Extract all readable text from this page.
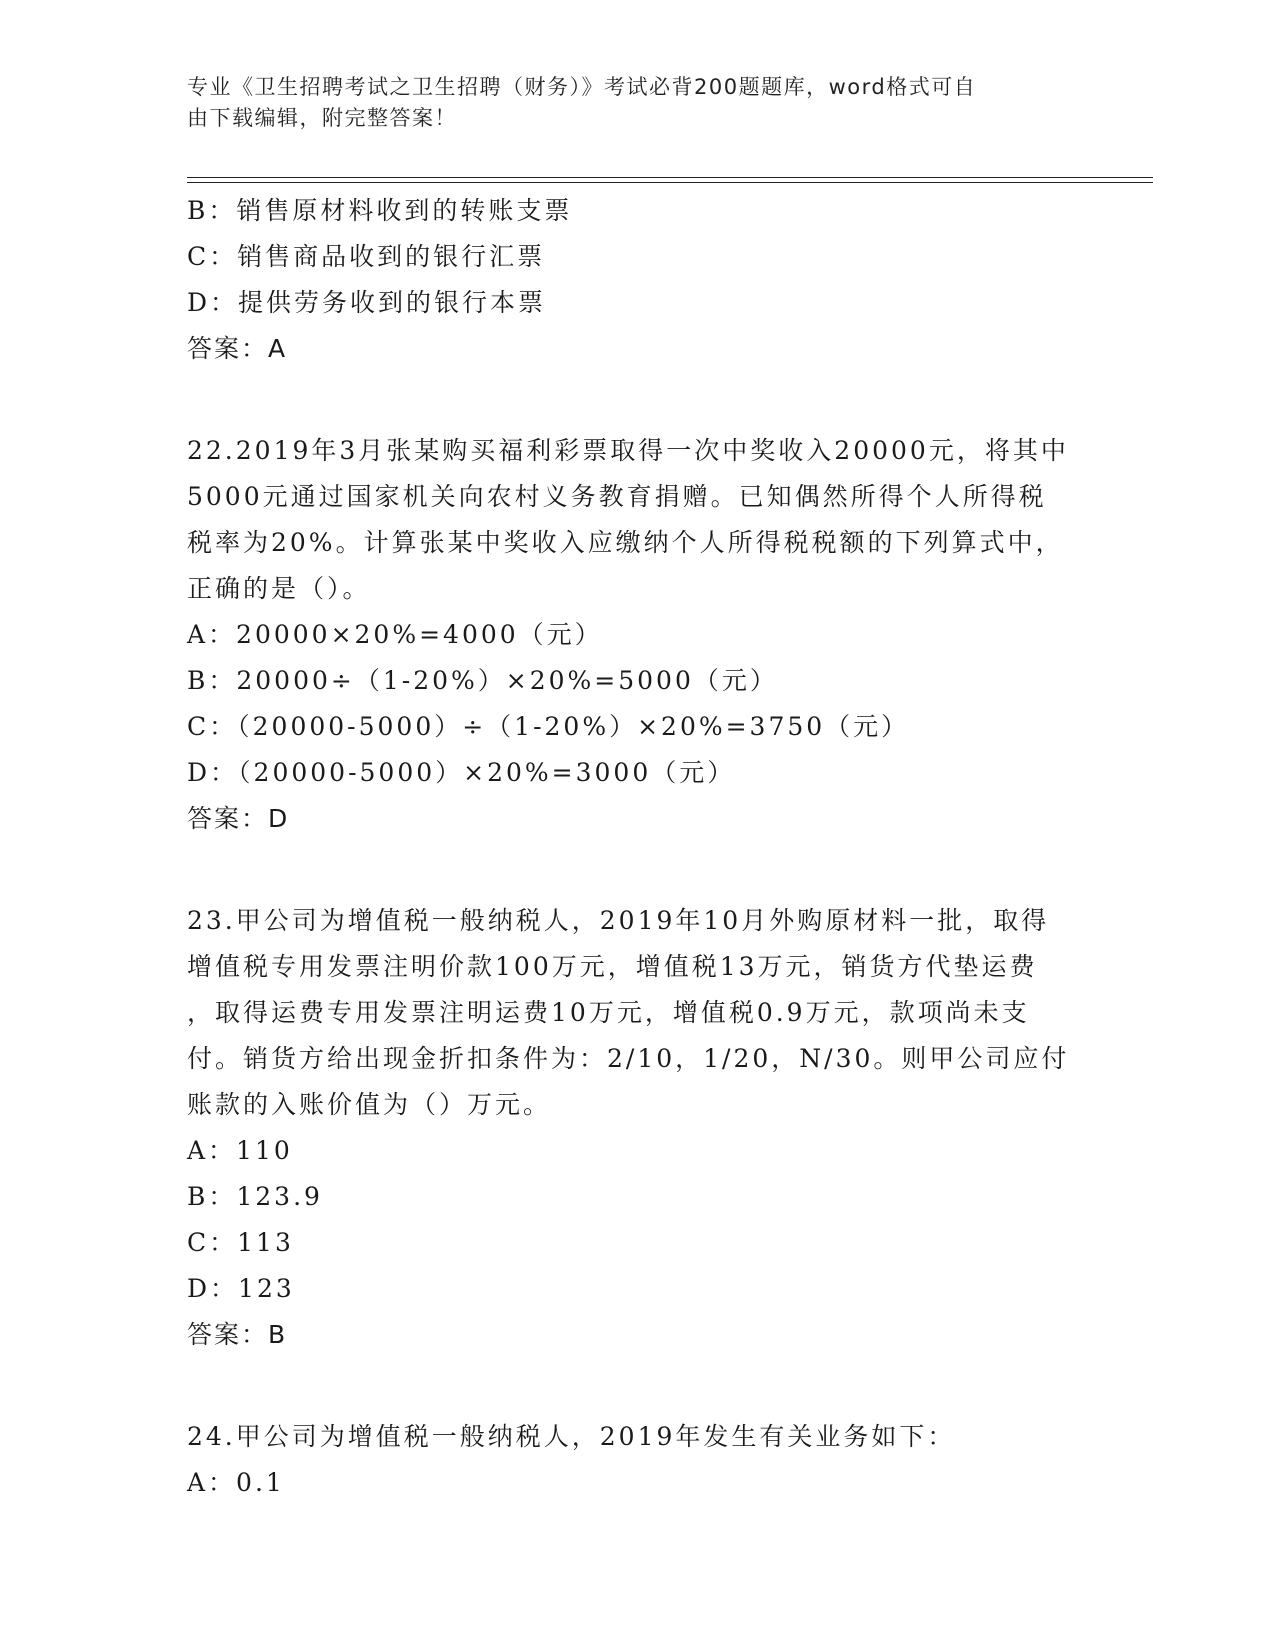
专业《卫生招聘考试之卫生招聘（财务）》考试必背200题题库，word格式可自
由下载编辑，附完整答案！
B：销售原材料收到的转账支票
C：销售商品收到的银行汇票
D：提供劳务收到的银行本票
答案：A
22.2019年3月张某购买福利彩票取得一次中奖收入20000元，将其中
5000元通过国家机关向农村义务教育捐赠。已知偶然所得个人所得税
税率为20%。计算张某中奖收入应缴纳个人所得税税额的下列算式中，
正确的是（）。
A：20000×20%=4000（元）
B：20000÷（1-20%）×20%=5000（元）
C：（20000-5000）÷（1-20%）×20%=3750（元）
D：（20000-5000）×20%=3000（元）
答案：D
23.甲公司为增值税一般纳税人，2019年10月外购原材料一批，取得
增值税专用发票注明价款100万元，增值税13万元，销货方代垫运费
，取得运费专用发票注明运费10万元，增值税0.9万元，款项尚未支
付。销货方给出现金折扣条件为：2/10，1/20，N/30。则甲公司应付
账款的入账价值为（）万元。
A：110
B：123.9
C：113
D：123
答案：B
24.甲公司为增值税一般纳税人，2019年发生有关业务如下：
A：0.1
